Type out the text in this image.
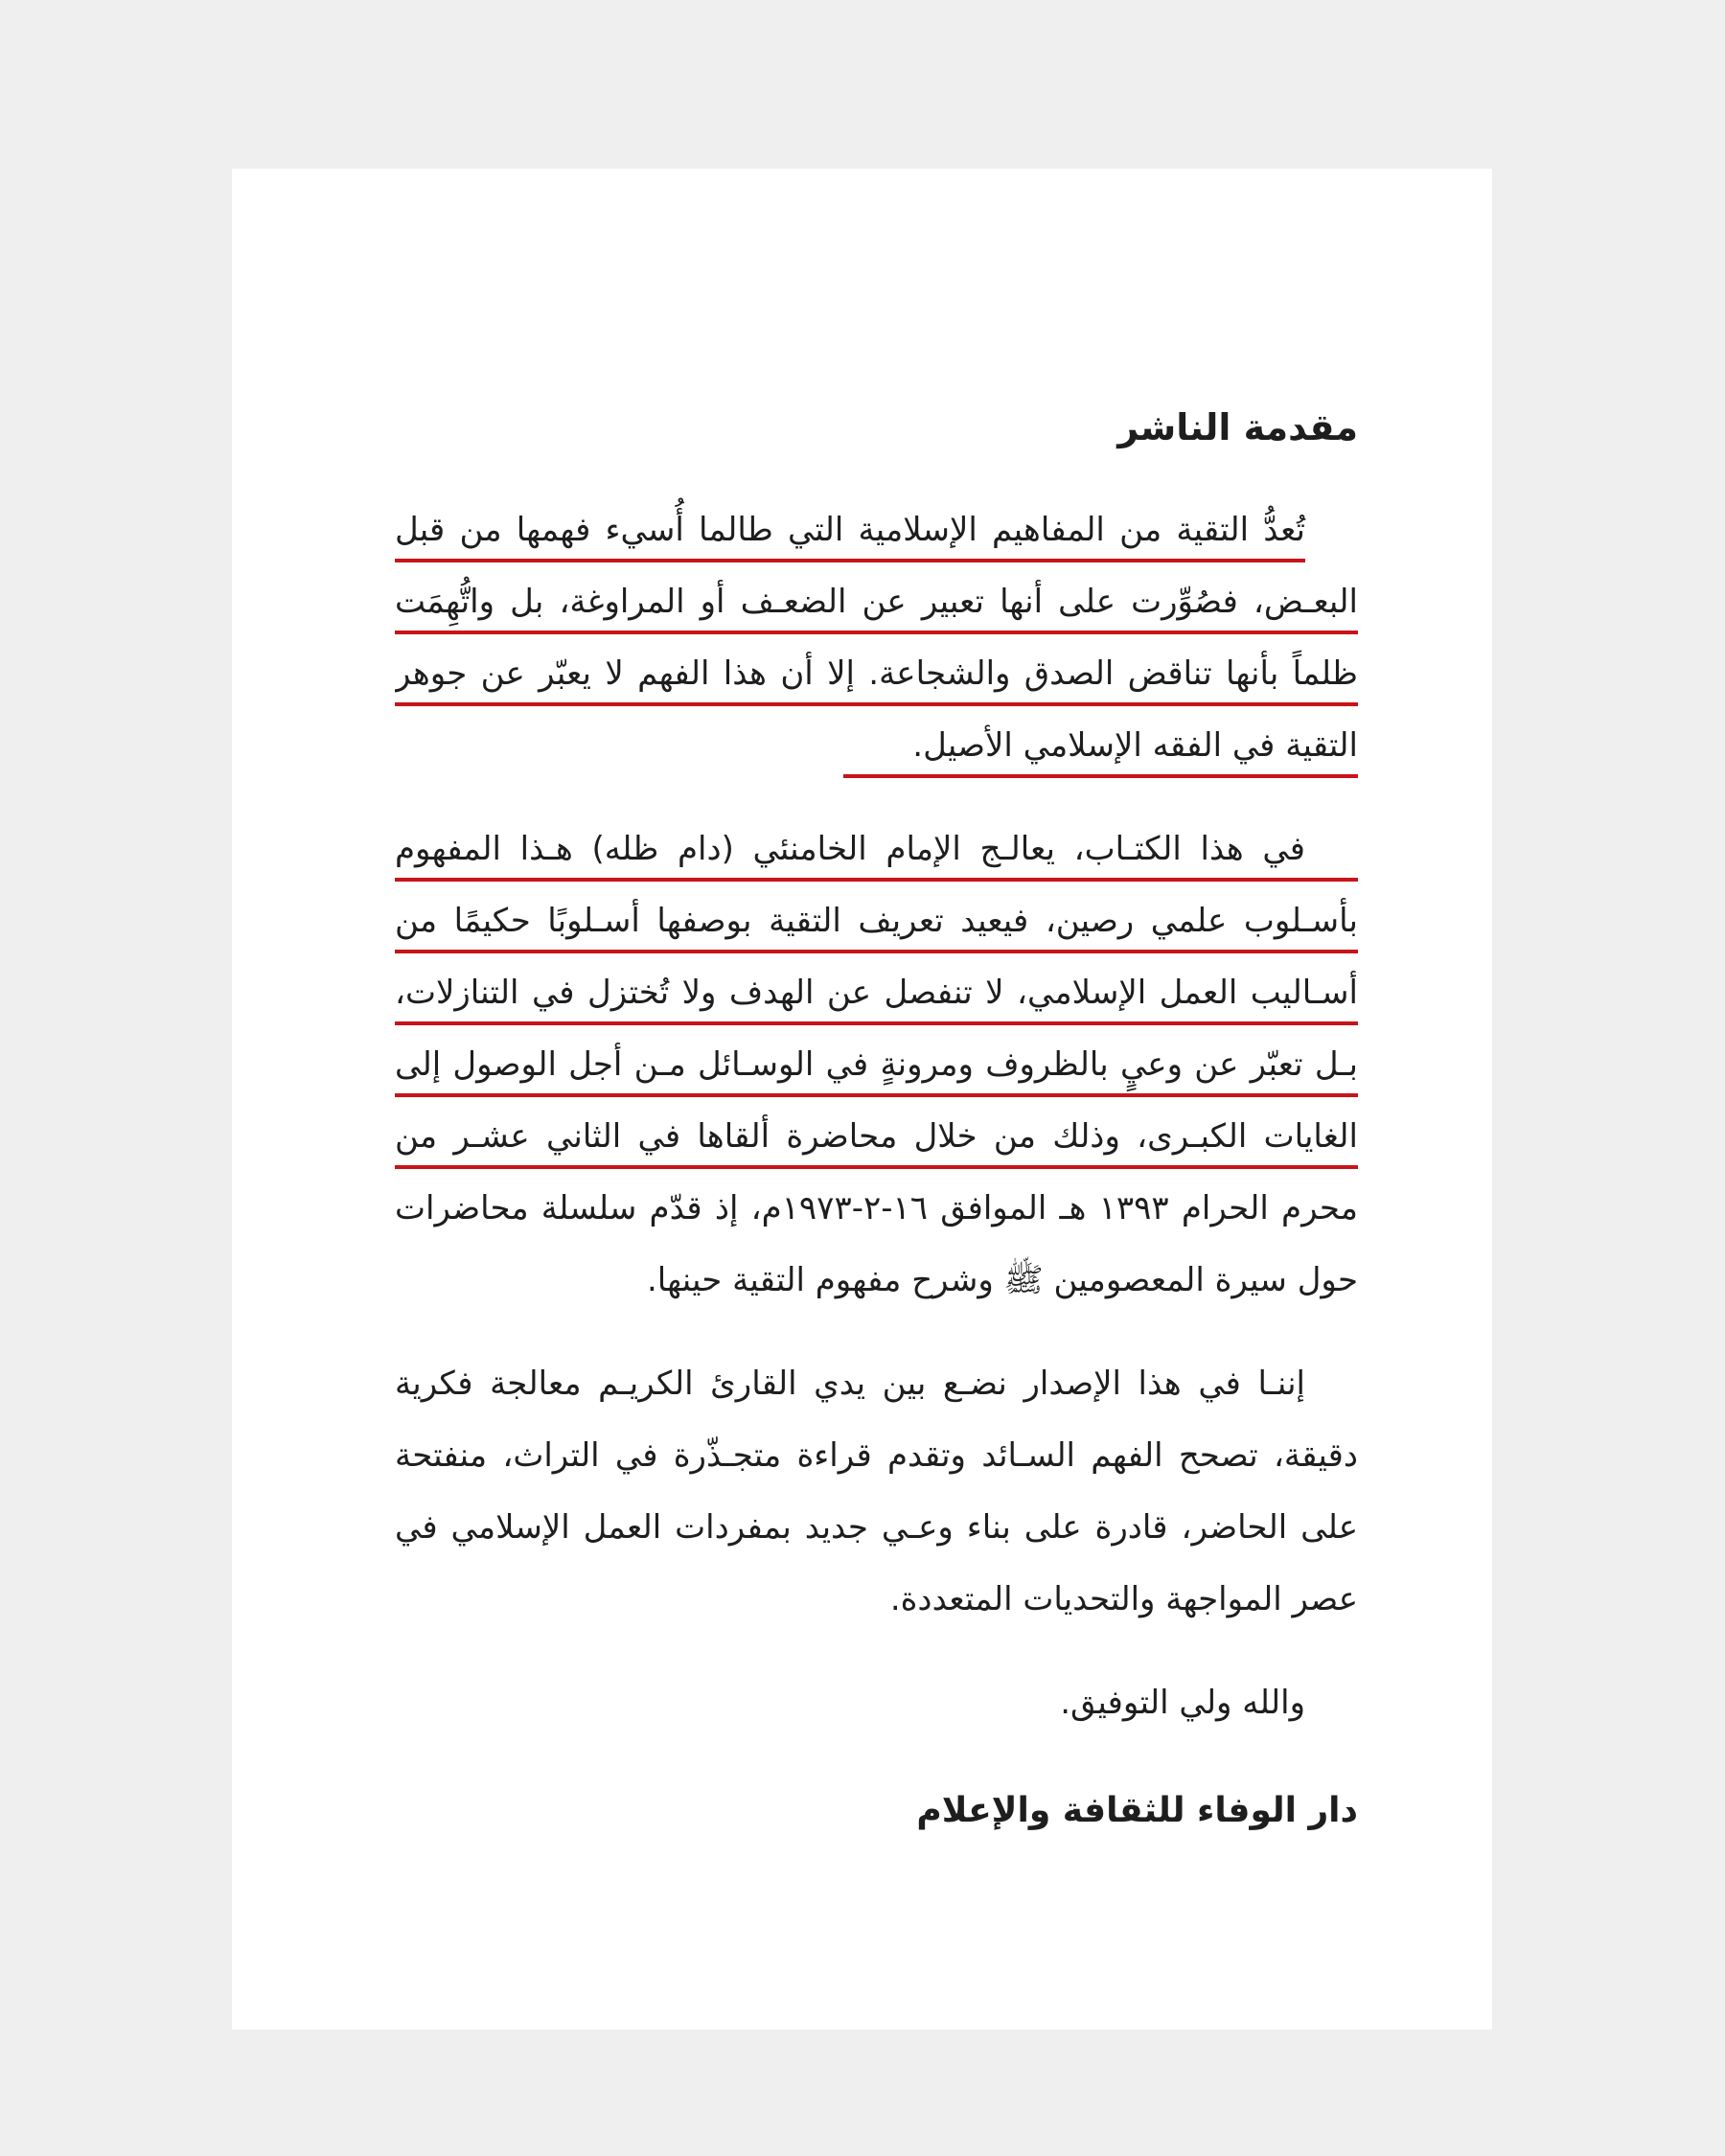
مقدمة الناشر
تُعدُّ التقية من المفاهيم الإسلامية التي طالما أُسيء فهمها من قبل
البعـض، فصُوِّرت على أنها تعبير عن الضعـف أو المراوغة، بل واتُّهِمَت
ظلماً بأنها تناقض الصدق والشجاعة. إلا أن هذا الفهم لا يعبّر عن جوهر
التقية في الفقه الإسلامي الأصيل.
في هذا الكتـاب، يعالـج الإمام الخامنئي (دام ظله) هـذا المفهوم
بأسـلوب علمي رصين، فيعيد تعريف التقية بوصفها أسـلوبًا حكيمًا من
أسـاليب العمل الإسلامي، لا تنفصل عن الهدف ولا تُختزل في التنازلات،
بـل تعبّر عن وعيٍ بالظروف ومرونةٍ في الوسـائل مـن أجل الوصول إلى
الغايات الكبـرى، وذلك من خلال محاضرة ألقاها في الثاني عشـر من
محرم الحرام ١٣٩٣ هـ الموافق ١٦-٢-١٩٧٣م، إذ قدّم سلسلة محاضرات
حول سيرة المعصومين ﷺ وشرح مفهوم التقية حينها.
إننـا في هذا الإصدار نضـع بين يدي القارئ الكريـم معالجة فكرية
دقيقة، تصحح الفهم السـائد وتقدم قراءة متجـذّرة في التراث، منفتحة
على الحاضر، قادرة على بناء وعـي جديد بمفردات العمل الإسلامي في
عصر المواجهة والتحديات المتعددة.
والله ولي التوفيق.
دار الوفاء للثقافة والإعلام
